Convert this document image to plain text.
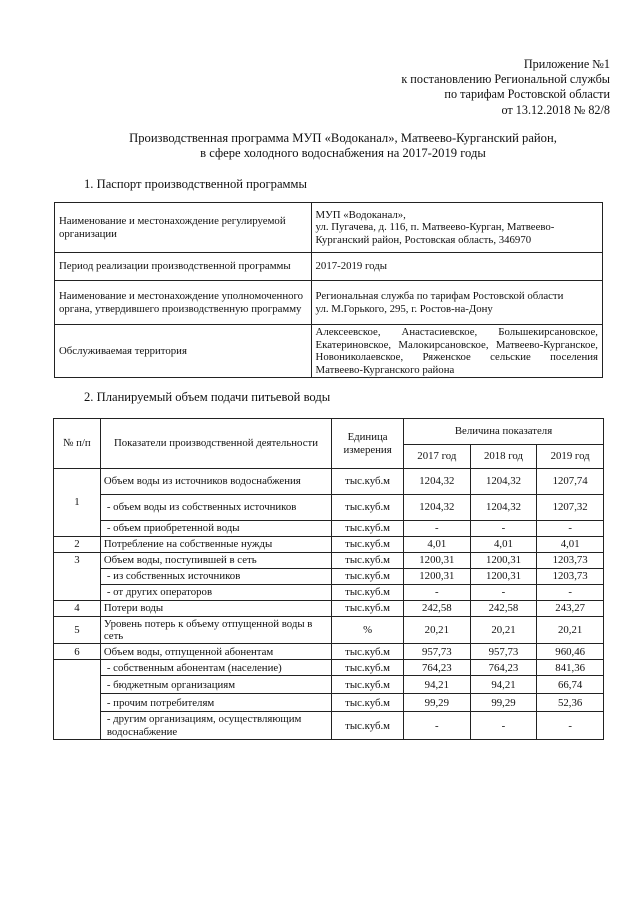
Приложение №1
к постановлению Региональной службы
по тарифам Ростовской области
от 13.12.2018 № 82/8
Производственная программа МУП «Водоканал», Матвеево-Курганский район,
в сфере холодного водоснабжения на 2017-2019 годы
1. Паспорт производственной программы
Наименование и местонахождение регулируемой организации	МУП «Водоканал»,
ул. Пугачева, д. 116, п. Матвеево-Курган, Матвеево-Курганский район, Ростовская область, 346970

Период реализации производственной программы	2017-2019 годы
Наименование и местонахождение уполномоченного органа, утвердившего производственную программу	Региональная служба по тарифам Ростовской области
ул. М.Горького, 295, г. Ростов-на-Дону

Обслуживаемая территория	Алексеевское, Анастасиевское, Большекирсановское, Екатериновское, Малокирсановское, Матвеево-Курганское, Новониколаевское, Ряженское сельские поселения Матвеево-Курганского района
2. Планируемый объем подачи питьевой воды
№ п/п	Показатели производственной деятельности	Единица измерения	Величина показателя		
			2017 год	2018 год	2019 год
1	Объем воды из источников водоснабжения	тыс.куб.м	1204,32	1204,32	1207,74
	- объем воды из собственных источников	тыс.куб.м	1204,32	1204,32	1207,32
	- объем приобретенной воды	тыс.куб.м	-	-	-
2	Потребление на собственные нужды	тыс.куб.м	4,01	4,01	4,01
3	Объем воды, поступившей в сеть	тыс.куб.м	1200,31	1200,31	1203,73
	- из собственных источников	тыс.куб.м	1200,31	1200,31	1203,73
	- от других операторов	тыс.куб.м	-	-	-
4	Потери воды	тыс.куб.м	242,58	242,58	243,27
5	Уровень потерь к объему отпущенной воды в сеть	%	20,21	20,21	20,21
6	Объем воды, отпущенной абонентам	тыс.куб.м	957,73	957,73	960,46
	- собственным абонентам (население)	тыс.куб.м	764,23	764,23	841,36
	- бюджетным организациям	тыс.куб.м	94,21	94,21	66,74
	- прочим потребителям	тыс.куб.м	99,29	99,29	52,36
	- другим организациям, осуществляющим водоснабжение	тыс.куб.м	-	-	-
